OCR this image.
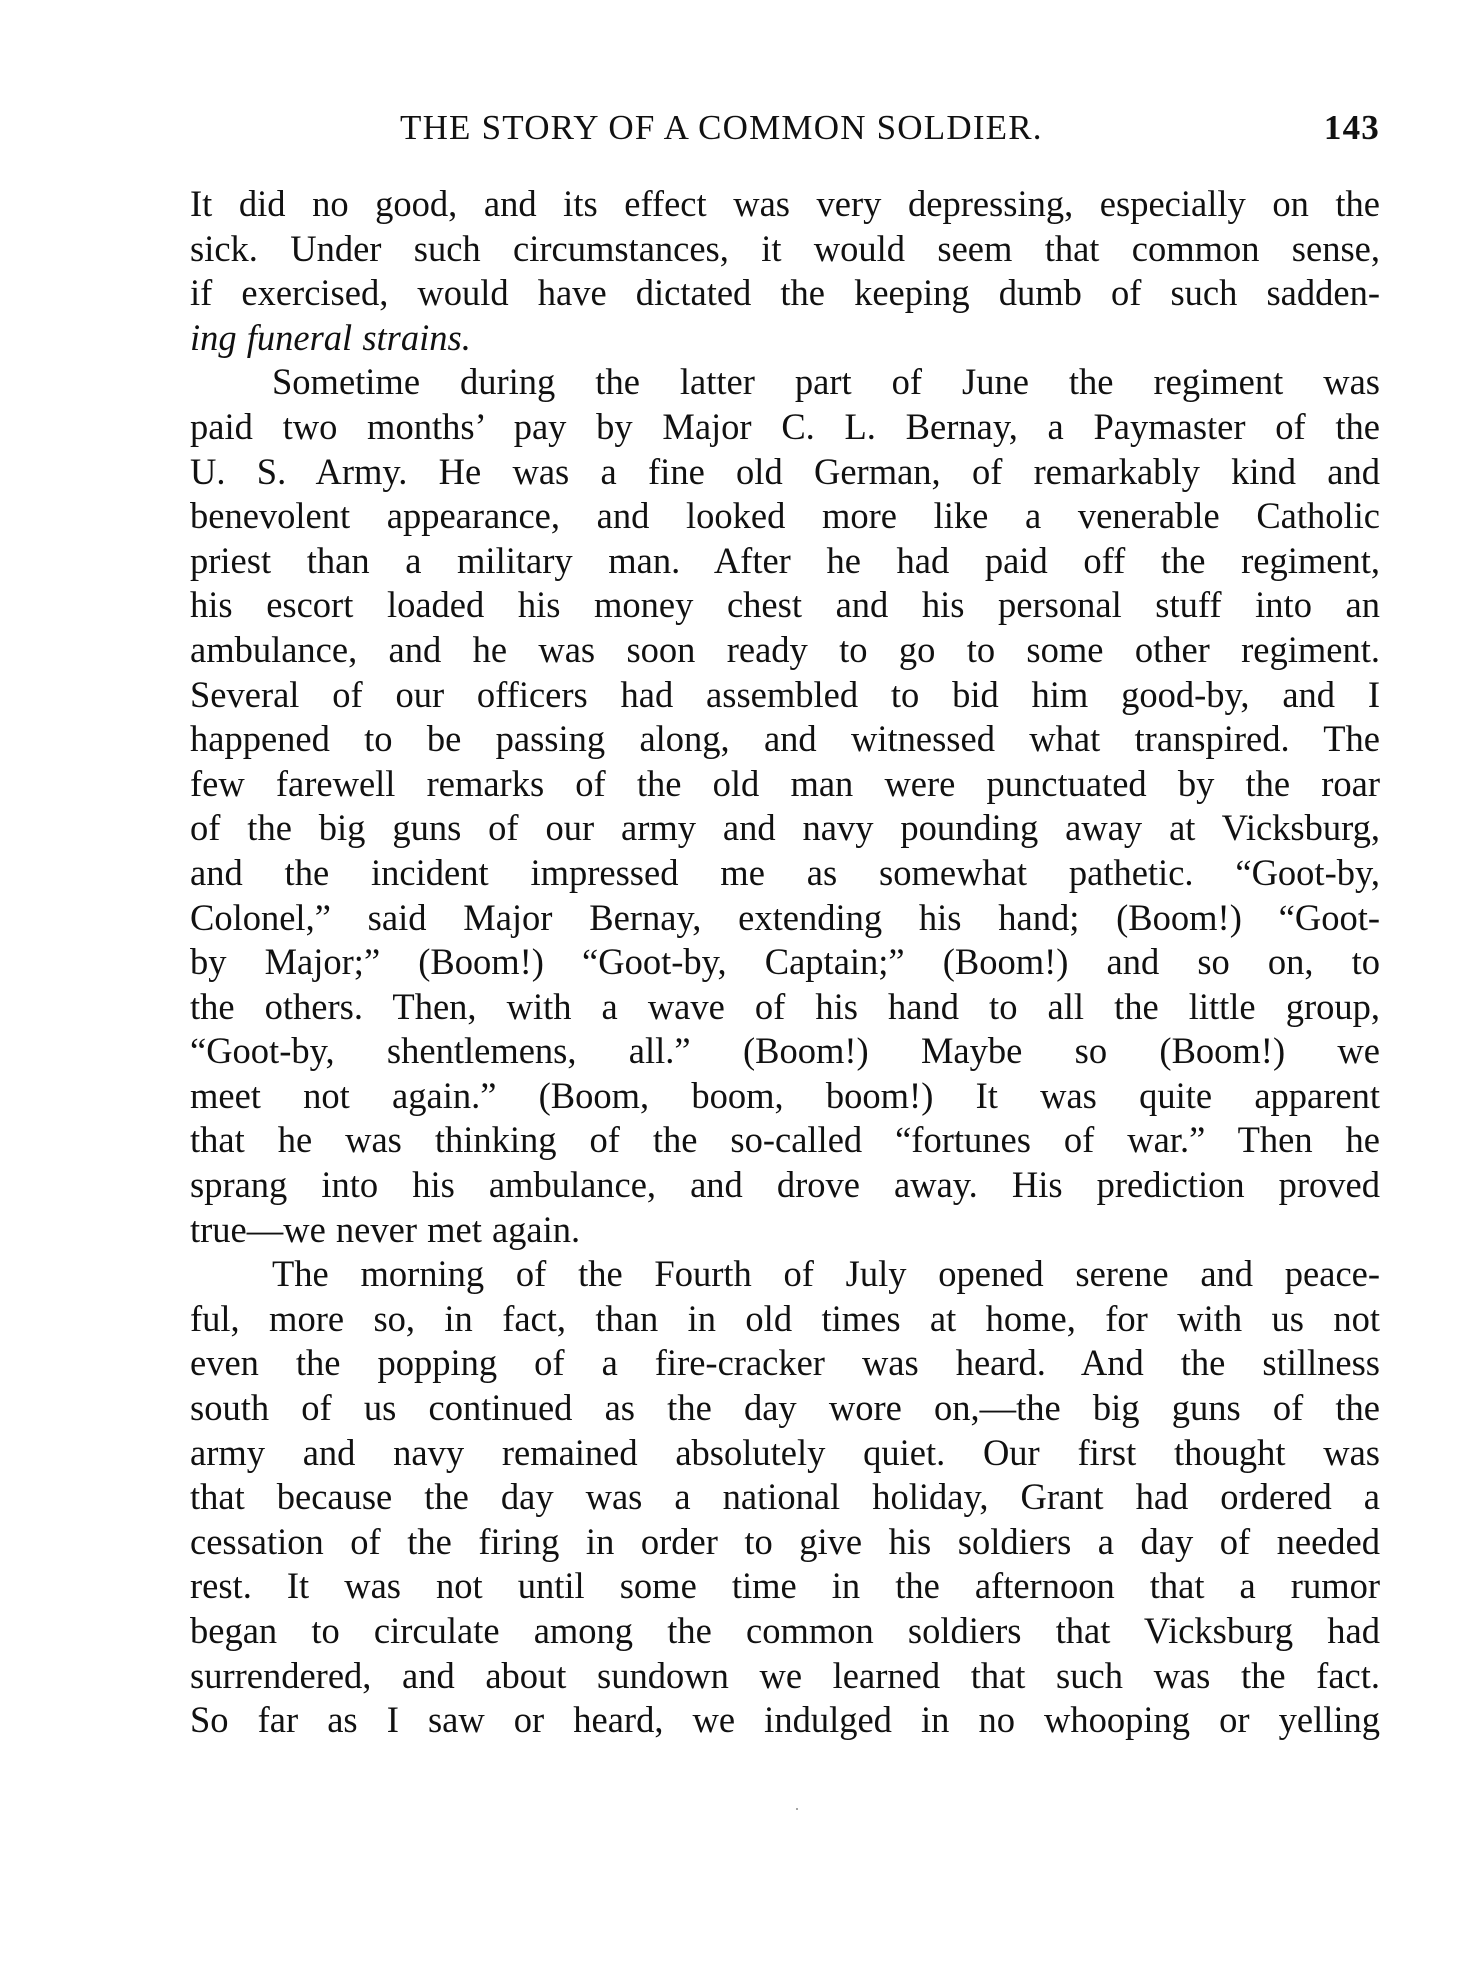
THE STORY OF A COMMON SOLDIER.	143
It did no good, and its effect was very depressing, especially on the
sick. Under such circumstances, it would seem that common sense,
if exercised, would have dictated the keeping dumb of such sadden-
ing funeral strains.
Sometime during the latter part of June the regiment was
paid two months’ pay by Major C. L. Bernay, a Paymaster of the
U. S. Army. He was a fine old German, of remarkably kind and
benevolent appearance, and looked more like a venerable Catholic
priest than a military man. After he had paid off the regiment,
his escort loaded his money chest and his personal stuff into an
ambulance, and he was soon ready to go to some other regiment.
Several of our officers had assembled to bid him good-by, and I
happened to be passing along, and witnessed what transpired. The
few farewell remarks of the old man were punctuated by the roar
of the big guns of our army and navy pounding away at Vicksburg,
and the incident impressed me as somewhat pathetic. “Goot-by,
Colonel,” said Major Bernay, extending his hand; (Boom!) “Goot-
by Major;” (Boom!) “Goot-by, Captain;” (Boom!) and so on, to
the others. Then, with a wave of his hand to all the little group,
“Goot-by, shentlemens, all.” (Boom!) Maybe so (Boom!) we
meet not again.” (Boom, boom, boom!) It was quite apparent
that he was thinking of the so-called “fortunes of war.” Then he
sprang into his ambulance, and drove away. His prediction proved
true—we never met again.
The morning of the Fourth of July opened serene and peace-
ful, more so, in fact, than in old times at home, for with us not
even the popping of a fire-cracker was heard. And the stillness
south of us continued as the day wore on,—the big guns of the
army and navy remained absolutely quiet. Our first thought was
that because the day was a national holiday, Grant had ordered a
cessation of the firing in order to give his soldiers a day of needed
rest. It was not until some time in the afternoon that a rumor
began to circulate among the common soldiers that Vicksburg had
surrendered, and about sundown we learned that such was the fact.
So far as I saw or heard, we indulged in no whooping or yelling
